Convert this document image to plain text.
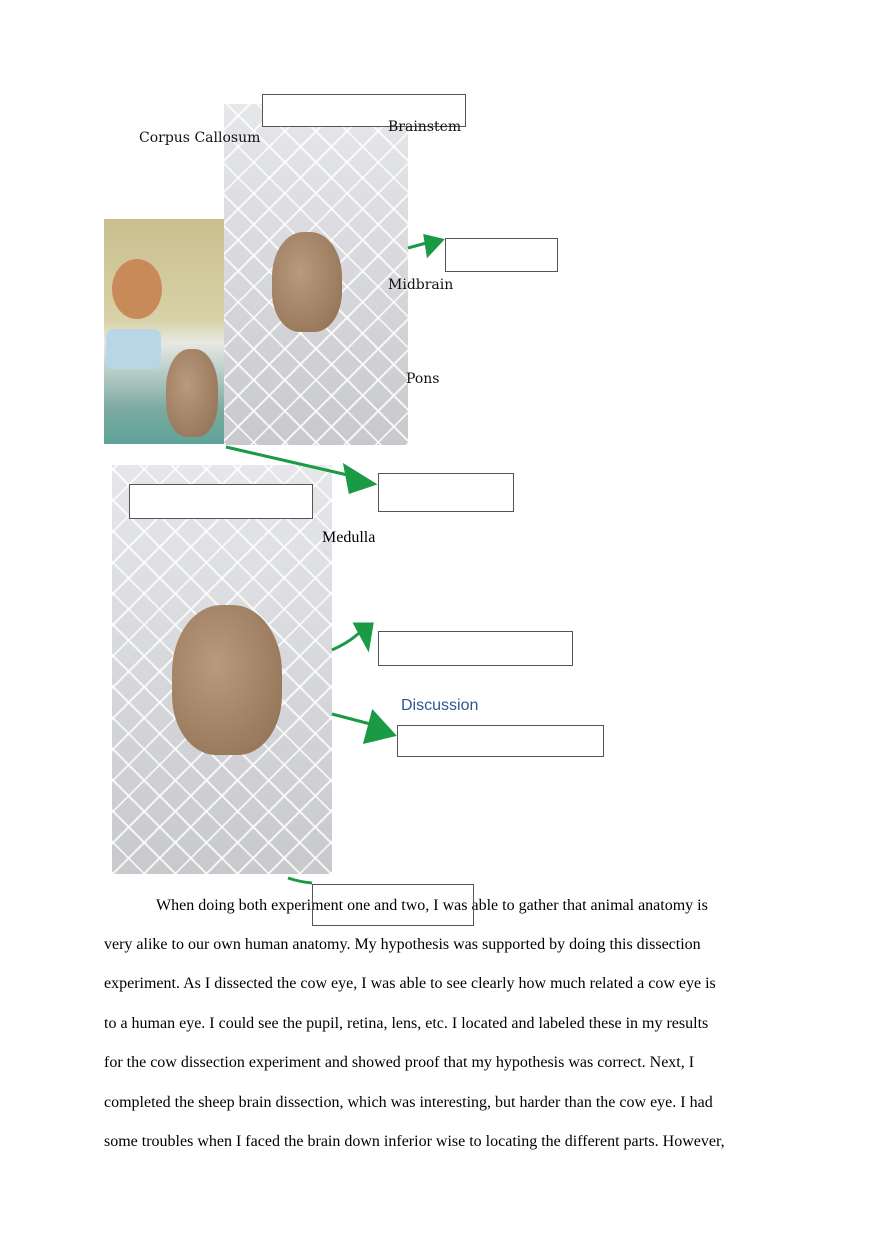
Corpus Callosum
Brainstem
Midbrain
Pons
Medulla
Discussion
When doing both experiment one and two, I was able to gather that animal anatomy is
very alike to our own human anatomy. My hypothesis was supported by doing this dissection
experiment. As I dissected the cow eye, I was able to see clearly how much related a cow eye is
to a human eye. I could see the pupil, retina, lens, etc. I located and labeled these in my results
for the cow dissection experiment and showed proof that my hypothesis was correct. Next, I
completed the sheep brain dissection, which was interesting, but harder than the cow eye. I had
some troubles when I faced the brain down inferior wise to locating the different parts. However,
